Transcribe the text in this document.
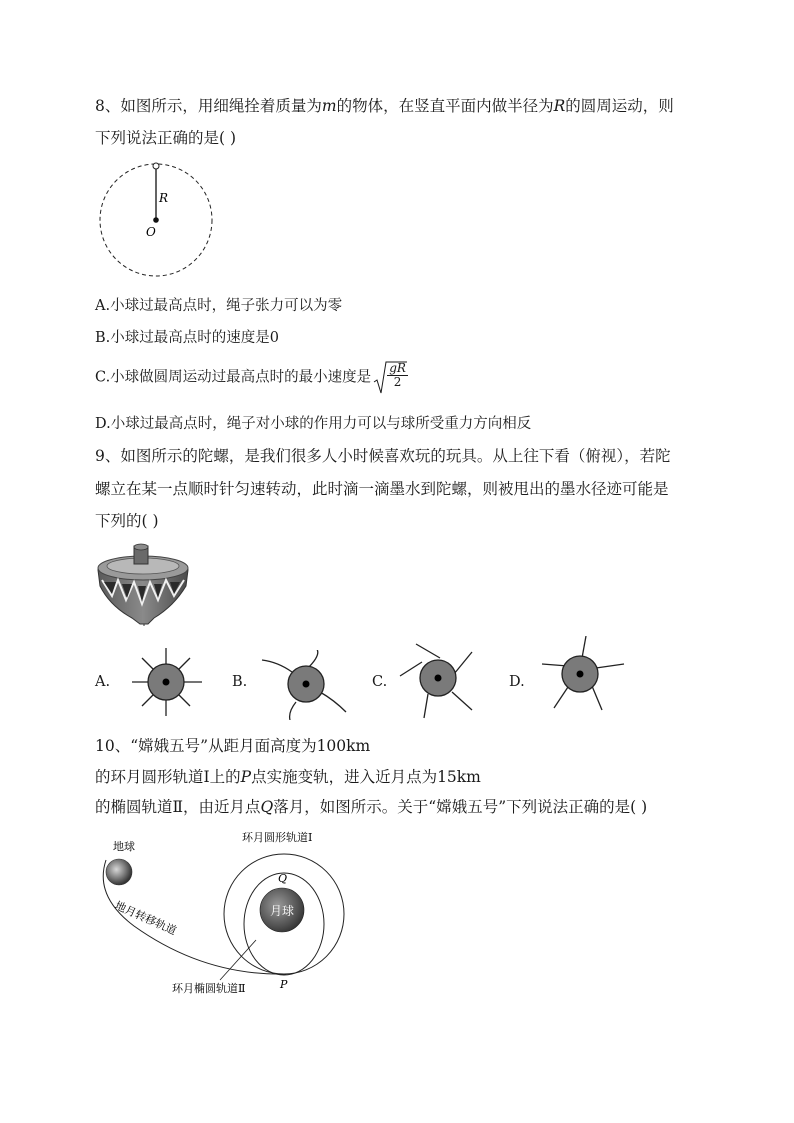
8、如图所示，用细绳拴着质量为m的物体，在竖直平面内做半径为R的圆周运动，则
下列说法正确的是( )
R
O
A.小球过最高点时，绳子张力可以为零
B.小球过最高点时的速度是0
C.小球做圆周运动过最高点时的最小速度是 $\frac{gR}{2}$
D.小球过最高点时，绳子对小球的作用力可以与球所受重力方向相反
9、如图所示的陀螺，是我们很多人小时候喜欢玩的玩具。从上往下看（俯视），若陀
螺立在某一点顺时针匀速转动，此时滴一滴墨水到陀螺，则被甩出的墨水径迹可能是
下列的( )
A.	B.	C.	D.
10、“嫦娥五号”从距月面高度为100km
的环月圆形轨道Ⅰ上的P点实施变轨，进入近月点为15km
的椭圆轨道Ⅱ，由近月点Q落月，如图所示。关于“嫦娥五号”下列说法正确的是( )
月球
地球
地月转移轨道
环月圆形轨道Ⅰ
Q
P
环月椭圆轨道Ⅱ
